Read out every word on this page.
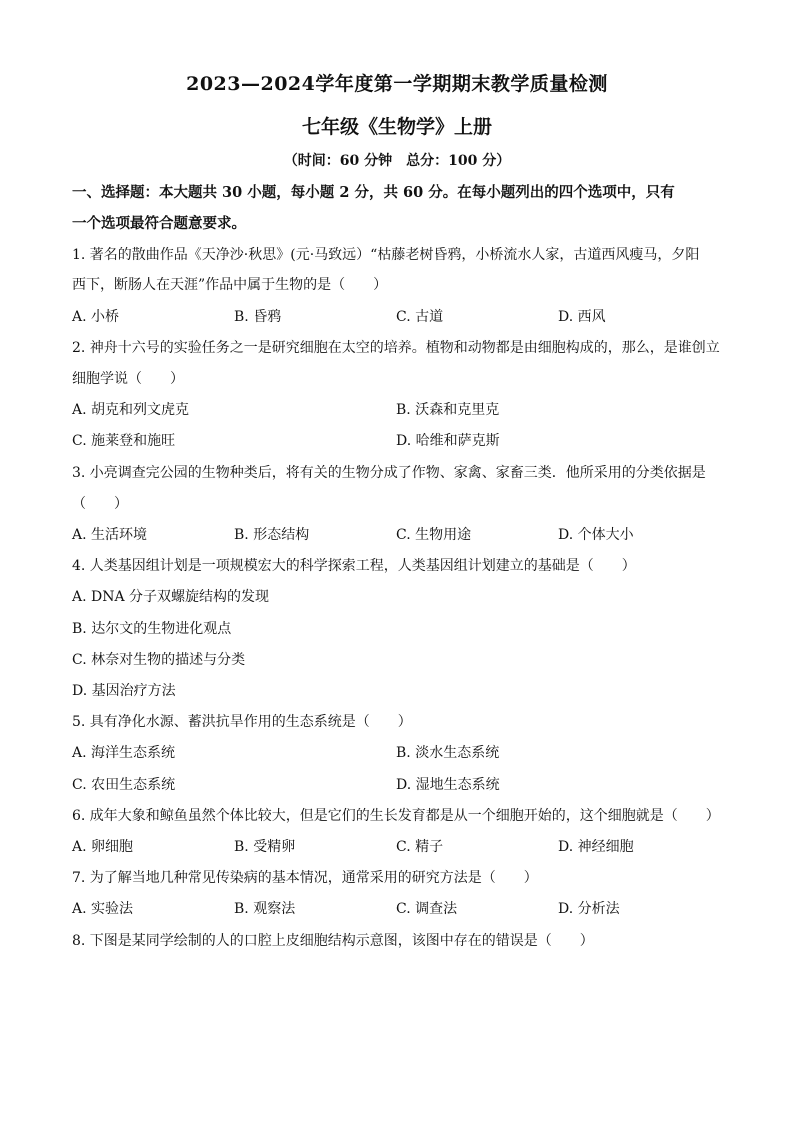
2023—2024学年度第一学期期末教学质量检测
七年级《生物学》上册
（时间：60 分钟　总分：100 分）
一、选择题：本大题共 30 小题，每小题 2 分，共 60 分。在每小题列出的四个选项中，只有
一个选项最符合题意要求。
1. 著名的散曲作品《天净沙·秋思》(元·马致远）“枯藤老树昏鸦，小桥流水人家，古道西风瘦马，夕阳
西下，断肠人在天涯”作品中属于生物的是（　　）
A. 小桥	B. 昏鸦	C. 古道	D. 西风
2. 神舟十六号的实验任务之一是研究细胞在太空的培养。植物和动物都是由细胞构成的，那么，是谁创立
细胞学说（　　）
A. 胡克和列文虎克	B. 沃森和克里克
C. 施莱登和施旺	D. 哈维和萨克斯
3. 小亮调查完公园的生物种类后，将有关的生物分成了作物、家禽、家畜三类．他所采用的分类依据是
（　　）
A. 生活环境	B. 形态结构	C. 生物用途	D. 个体大小
4. 人类基因组计划是一项规模宏大的科学探索工程，人类基因组计划建立的基础是（　　）
A. DNA 分子双螺旋结构的发现
B. 达尔文的生物进化观点
C. 林奈对生物的描述与分类
D. 基因治疗方法
5. 具有净化水源、蓄洪抗旱作用的生态系统是（　　）
A. 海洋生态系统	B. 淡水生态系统
C. 农田生态系统	D. 湿地生态系统
6. 成年大象和鲸鱼虽然个体比较大，但是它们的生长发育都是从一个细胞开始的，这个细胞就是（　　）
A. 卵细胞	B. 受精卵	C. 精子	D. 神经细胞
7. 为了解当地几种常见传染病的基本情况，通常采用的研究方法是（　　）
A. 实验法	B. 观察法	C. 调查法	D. 分析法
8. 下图是某同学绘制的人的口腔上皮细胞结构示意图，该图中存在的错误是（　　）
